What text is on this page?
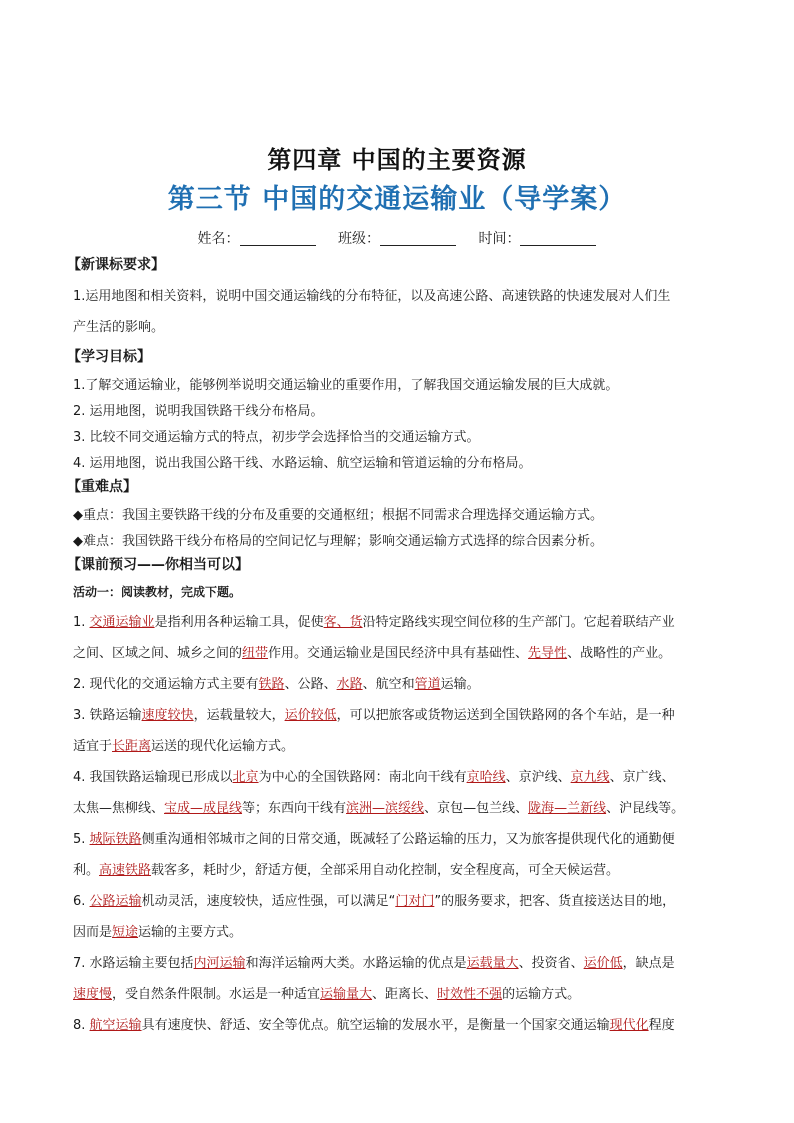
第四章 中国的主要资源
第三节 中国的交通运输业（导学案）
姓名：	班级：	时间：
【新课标要求】

1.运用地图和相关资料，说明中国交通运输线的分布特征，以及高速公路、高速铁路的快速发展对人们生

产生活的影响。

【学习目标】

1.了解交通运输业，能够例举说明交通运输业的重要作用，了解我国交通运输发展的巨大成就。

2. 运用地图，说明我国铁路干线分布格局。

3. 比较不同交通运输方式的特点，初步学会选择恰当的交通运输方式。

4. 运用地图，说出我国公路干线、水路运输、航空运输和管道运输的分布格局。

【重难点】

◆重点：我国主要铁路干线的分布及重要的交通枢纽；根据不同需求合理选择交通运输方式。

◆难点：我国铁路干线分布格局的空间记忆与理解；影响交通运输方式选择的综合因素分析。

【课前预习——你相当可以】
活动一：阅读教材，完成下题。

1. 交通运输业是指利用各种运输工具，促使客、货沿特定路线实现空间位移的生产部门。它起着联结产业

之间、区域之间、城乡之间的纽带作用。交通运输业是国民经济中具有基础性、先导性、战略性的产业。

2. 现代化的交通运输方式主要有铁路、公路、水路、航空和管道运输。

3. 铁路运输速度较快，运载量较大，运价较低，可以把旅客或货物运送到全国铁路网的各个车站，是一种

适宜于长距离运送的现代化运输方式。

4. 我国铁路运输现已形成以北京为中心的全国铁路网：南北向干线有京哈线、京沪线、京九线、京广线、

太焦—焦柳线、宝成—成昆线等；东西向干线有滨洲—滨绥线、京包—包兰线、陇海—兰新线、沪昆线等。

5. 城际铁路侧重沟通相邻城市之间的日常交通，既减轻了公路运输的压力，又为旅客提供现代化的通勤便

利。高速铁路载客多，耗时少，舒适方便，全部采用自动化控制，安全程度高，可全天候运营。

6. 公路运输机动灵活，速度较快，适应性强，可以满足“门对门”的服务要求，把客、货直接送达目的地，

因而是短途运输的主要方式。

7. 水路运输主要包括内河运输和海洋运输两大类。水路运输的优点是运载量大、投资省、运价低，缺点是

速度慢，受自然条件限制。水运是一种适宜运输量大、距离长、时效性不强的运输方式。

8. 航空运输具有速度快、舒适、安全等优点。航空运输的发展水平，是衡量一个国家交通运输现代化程度
